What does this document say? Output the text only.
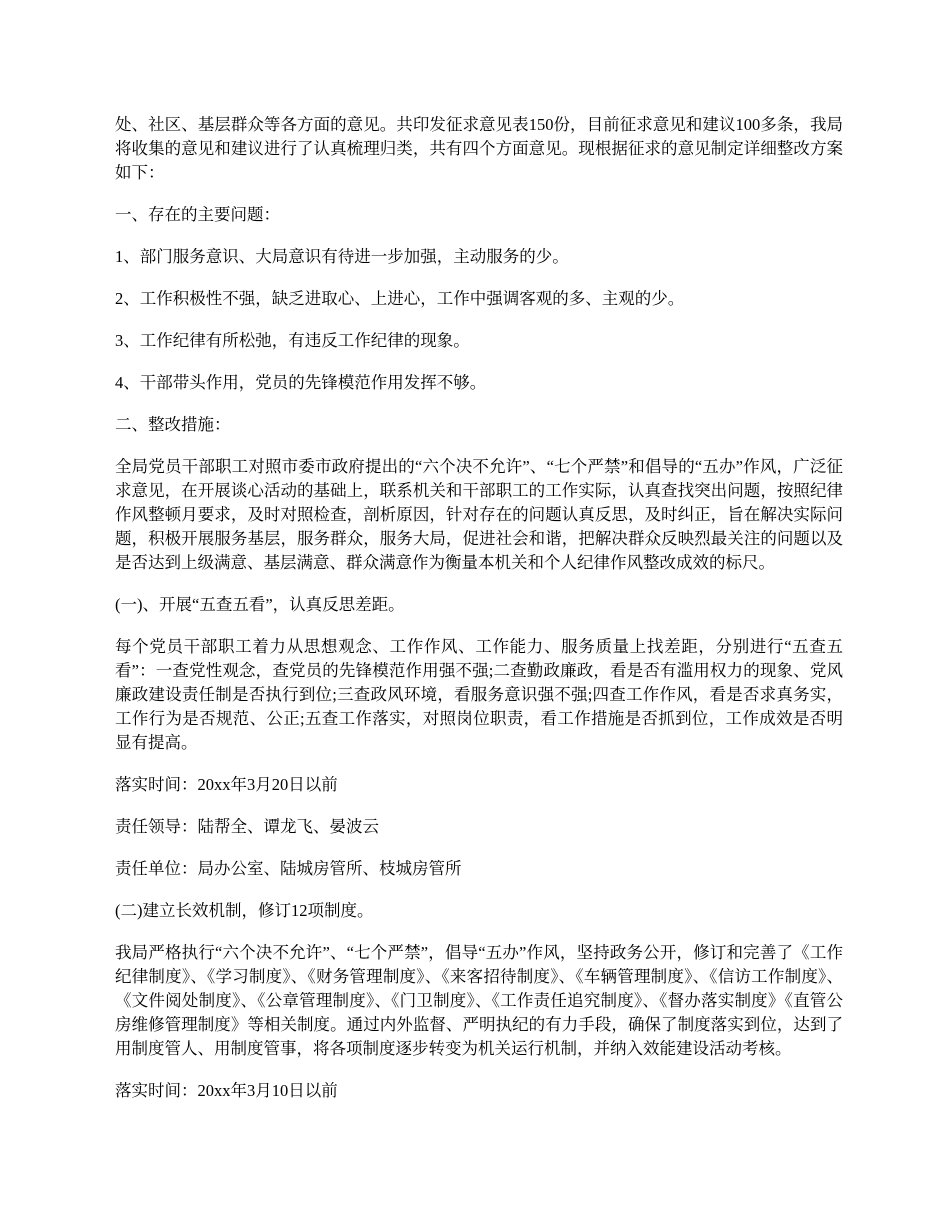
处、社区、基层群众等各方面的意见。共印发征求意见表150份，目前征求意见和建议100多条，我局将收集的意见和建议进行了认真梳理归类，共有四个方面意见。现根据征求的意见制定详细整改方案如下：

一、存在的主要问题：

1、部门服务意识、大局意识有待进一步加强，主动服务的少。

2、工作积极性不强，缺乏进取心、上进心，工作中强调客观的多、主观的少。

3、工作纪律有所松弛，有违反工作纪律的现象。

4、干部带头作用，党员的先锋模范作用发挥不够。

二、整改措施：

全局党员干部职工对照市委市政府提出的“六个决不允许”、“七个严禁”和倡导的“五办”作风，广泛征求意见，在开展谈心活动的基础上，联系机关和干部职工的工作实际，认真查找突出问题，按照纪律作风整顿月要求，及时对照检查，剖析原因，针对存在的问题认真反思，及时纠正，旨在解决实际问题，积极开展服务基层，服务群众，服务大局，促进社会和谐，把解决群众反映烈最关注的问题以及是否达到上级满意、基层满意、群众满意作为衡量本机关和个人纪律作风整改成效的标尺。

(一)、开展“五查五看”，认真反思差距。

每个党员干部职工着力从思想观念、工作作风、工作能力、服务质量上找差距，分别进行“五查五看”：一查党性观念，查党员的先锋模范作用强不强;二查勤政廉政，看是否有滥用权力的现象、党风廉政建设责任制是否执行到位;三查政风环境，看服务意识强不强;四查工作作风，看是否求真务实，工作行为是否规范、公正;五查工作落实，对照岗位职责，看工作措施是否抓到位，工作成效是否明显有提高。

落实时间：20xx年3月20日以前

责任领导：陆帮全、谭龙飞、晏波云

责任单位：局办公室、陆城房管所、枝城房管所

(二)建立长效机制，修订12项制度。

我局严格执行“六个决不允许”、“七个严禁”，倡导“五办”作风，坚持政务公开，修订和完善了《工作纪律制度》、《学习制度》、《财务管理制度》、《来客招待制度》、《车辆管理制度》、《信访工作制度》、《文件阅处制度》、《公章管理制度》、《门卫制度》、《工作责任追究制度》、《督办落实制度》《直管公房维修管理制度》等相关制度。通过内外监督、严明执纪的有力手段，确保了制度落实到位，达到了用制度管人、用制度管事，将各项制度逐步转变为机关运行机制，并纳入效能建设活动考核。

落实时间：20xx年3月10日以前
